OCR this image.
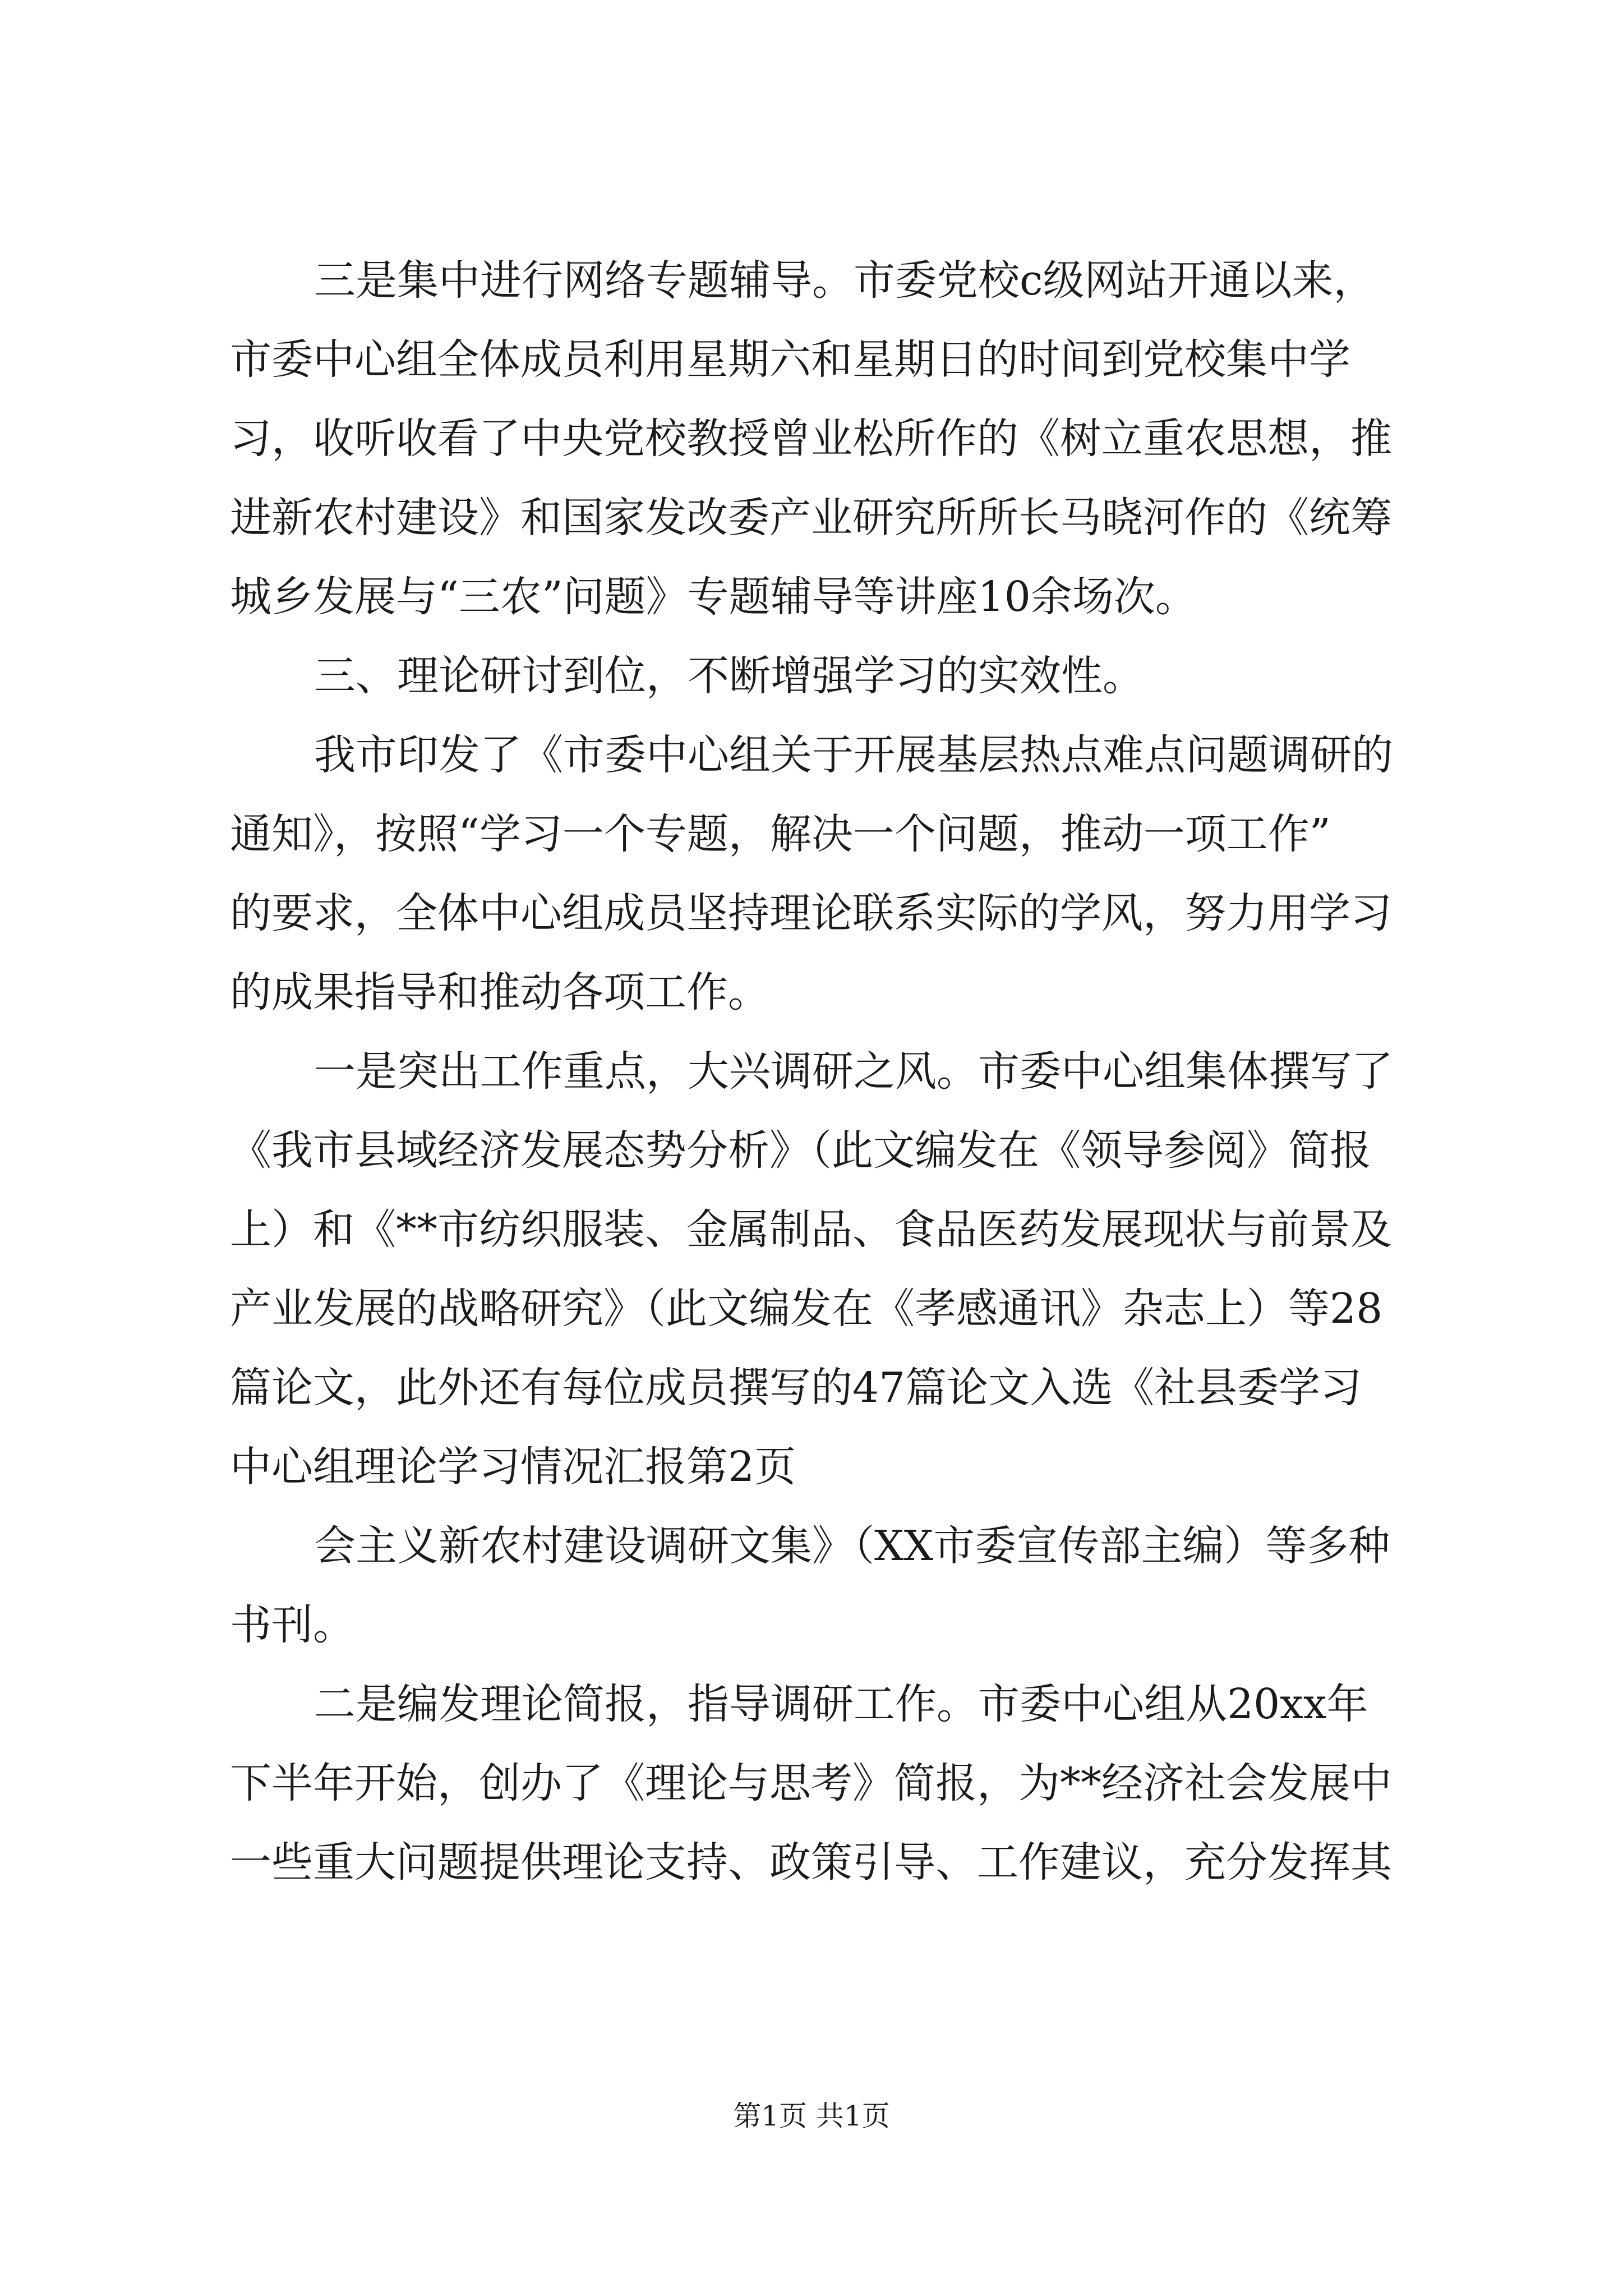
三是集中进行网络专题辅导。市委党校c级网站开通以来，
市委中心组全体成员利用星期六和星期日的时间到党校集中学
习，收听收看了中央党校教授曾业松所作的《树立重农思想，推
进新农村建设》和国家发改委产业研究所所长马晓河作的《统筹
城乡发展与“三农”问题》专题辅导等讲座10余场次。
三、理论研讨到位，不断增强学习的实效性。
我市印发了《市委中心组关于开展基层热点难点问题调研的
通知》，按照“学习一个专题，解决一个问题，推动一项工作”
的要求，全体中心组成员坚持理论联系实际的学风，努力用学习
的成果指导和推动各项工作。
一是突出工作重点，大兴调研之风。市委中心组集体撰写了
《我市县域经济发展态势分析》（此文编发在《领导参阅》简报
上）和《**市纺织服装、金属制品、食品医药发展现状与前景及
产业发展的战略研究》（此文编发在《孝感通讯》杂志上）等28
篇论文，此外还有每位成员撰写的47篇论文入选《社县委学习
中心组理论学习情况汇报第2页
会主义新农村建设调研文集》（XX市委宣传部主编）等多种
书刊。
二是编发理论简报，指导调研工作。市委中心组从20xx年
下半年开始，创办了《理论与思考》简报，为**经济社会发展中
一些重大问题提供理论支持、政策引导、工作建议，充分发挥其
第1页 共1页
